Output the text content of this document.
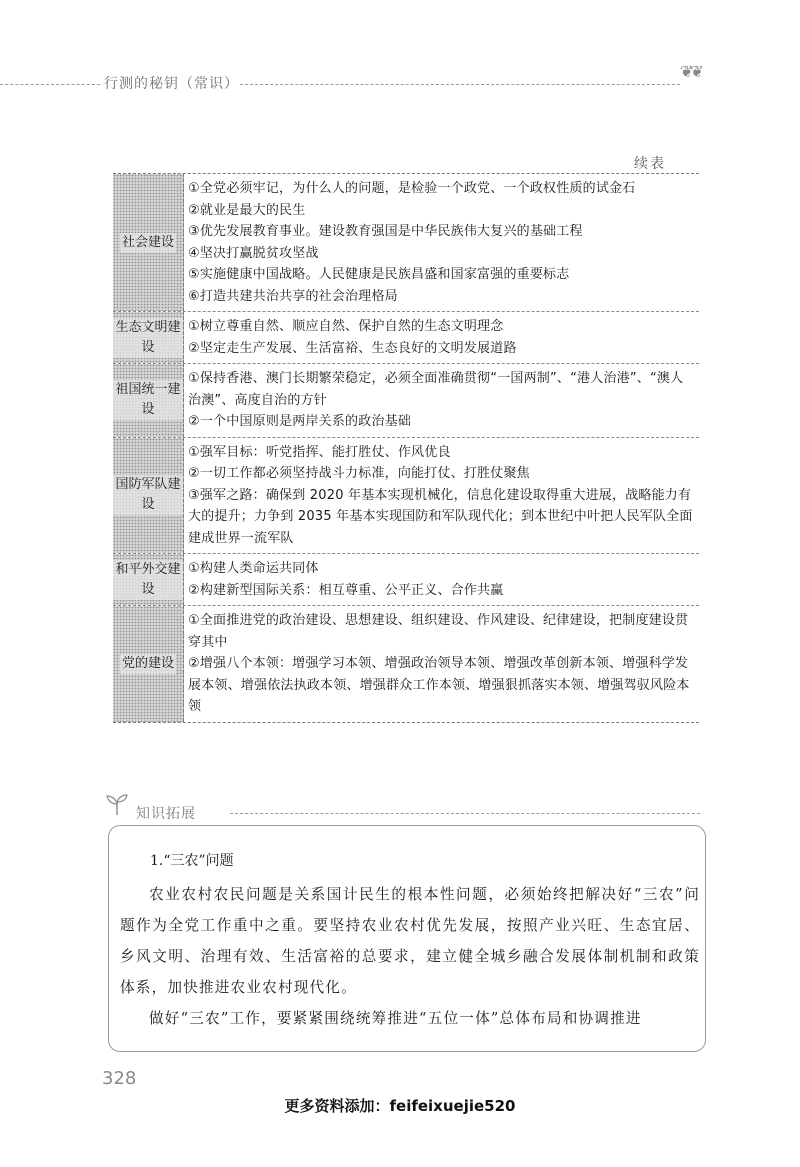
行测的秘钥（常识）
❦❦
续表
社会建设
①全党必须牢记，为什么人的问题，是检验一个政党、一个政权性质的试金石
②就业是最大的民生
③优先发展教育事业。建设教育强国是中华民族伟大复兴的基础工程
④坚决打赢脱贫攻坚战
⑤实施健康中国战略。人民健康是民族昌盛和国家富强的重要标志
⑥打造共建共治共享的社会治理格局
生态文明建设
①树立尊重自然、顺应自然、保护自然的生态文明理念
②坚定走生产发展、生活富裕、生态良好的文明发展道路
祖国统一建设
①保持香港、澳门长期繁荣稳定，必须全面准确贯彻“一国两制”、“港人治港”、“澳人治澳”、高度自治的方针
②一个中国原则是两岸关系的政治基础
国防军队建设
①强军目标：听党指挥、能打胜仗、作风优良
②一切工作都必须坚持战斗力标准，向能打仗、打胜仗聚焦
③强军之路：确保到 2020 年基本实现机械化，信息化建设取得重大进展，战略能力有大的提升；力争到 2035 年基本实现国防和军队现代化；到本世纪中叶把人民军队全面建成世界一流军队
和平外交建设
①构建人类命运共同体
②构建新型国际关系：相互尊重、公平正义、合作共赢
党的建设
①全面推进党的政治建设、思想建设、组织建设、作风建设、纪律建设，把制度建设贯穿其中
②增强八个本领：增强学习本领、增强政治领导本领、增强改革创新本领、增强科学发展本领、增强依法执政本领、增强群众工作本领、增强狠抓落实本领、增强驾驭风险本领
知识拓展
1.“三农”问题

农业农村农民问题是关系国计民生的根本性问题，必须始终把解决好“三农”问题作为全党工作重中之重。要坚持农业农村优先发展，按照产业兴旺、生态宜居、乡风文明、治理有效、生活富裕的总要求，建立健全城乡融合发展体制机制和政策体系，加快推进农业农村现代化。

做好“三农”工作，要紧紧围绕统筹推进“五位一体”总体布局和协调推进

328
更多资料添加：feifeixuejie520
